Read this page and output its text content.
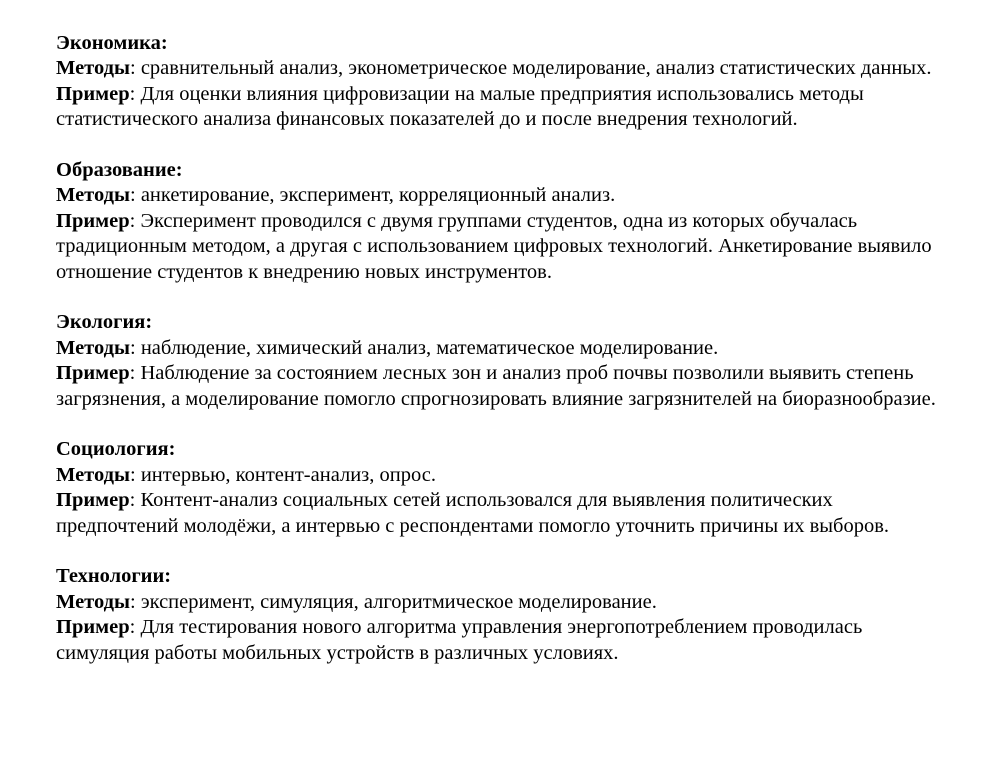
Экономика:
Методы: сравнительный анализ, эконометрическое моделирование, анализ статистических данных.
Пример: Для оценки влияния цифровизации на малые предприятия использовались методы статистического анализа финансовых показателей до и после внедрения технологий.
Образование:
Методы: анкетирование, эксперимент, корреляционный анализ.
Пример: Эксперимент проводился с двумя группами студентов, одна из которых обучалась традиционным методом, а другая с использованием цифровых технологий. Анкетирование выявило отношение студентов к внедрению новых инструментов.
Экология:
Методы: наблюдение, химический анализ, математическое моделирование.
Пример: Наблюдение за состоянием лесных зон и анализ проб почвы позволили выявить степень загрязнения, а моделирование помогло спрогнозировать влияние загрязнителей на биоразнообразие.
Социология:
Методы: интервью, контент-анализ, опрос.
Пример: Контент-анализ социальных сетей использовался для выявления политических предпочтений молодёжи, а интервью с респондентами помогло уточнить причины их выборов.
Технологии:
Методы: эксперимент, симуляция, алгоритмическое моделирование.
Пример: Для тестирования нового алгоритма управления энергопотреблением проводилась симуляция работы мобильных устройств в различных условиях.
